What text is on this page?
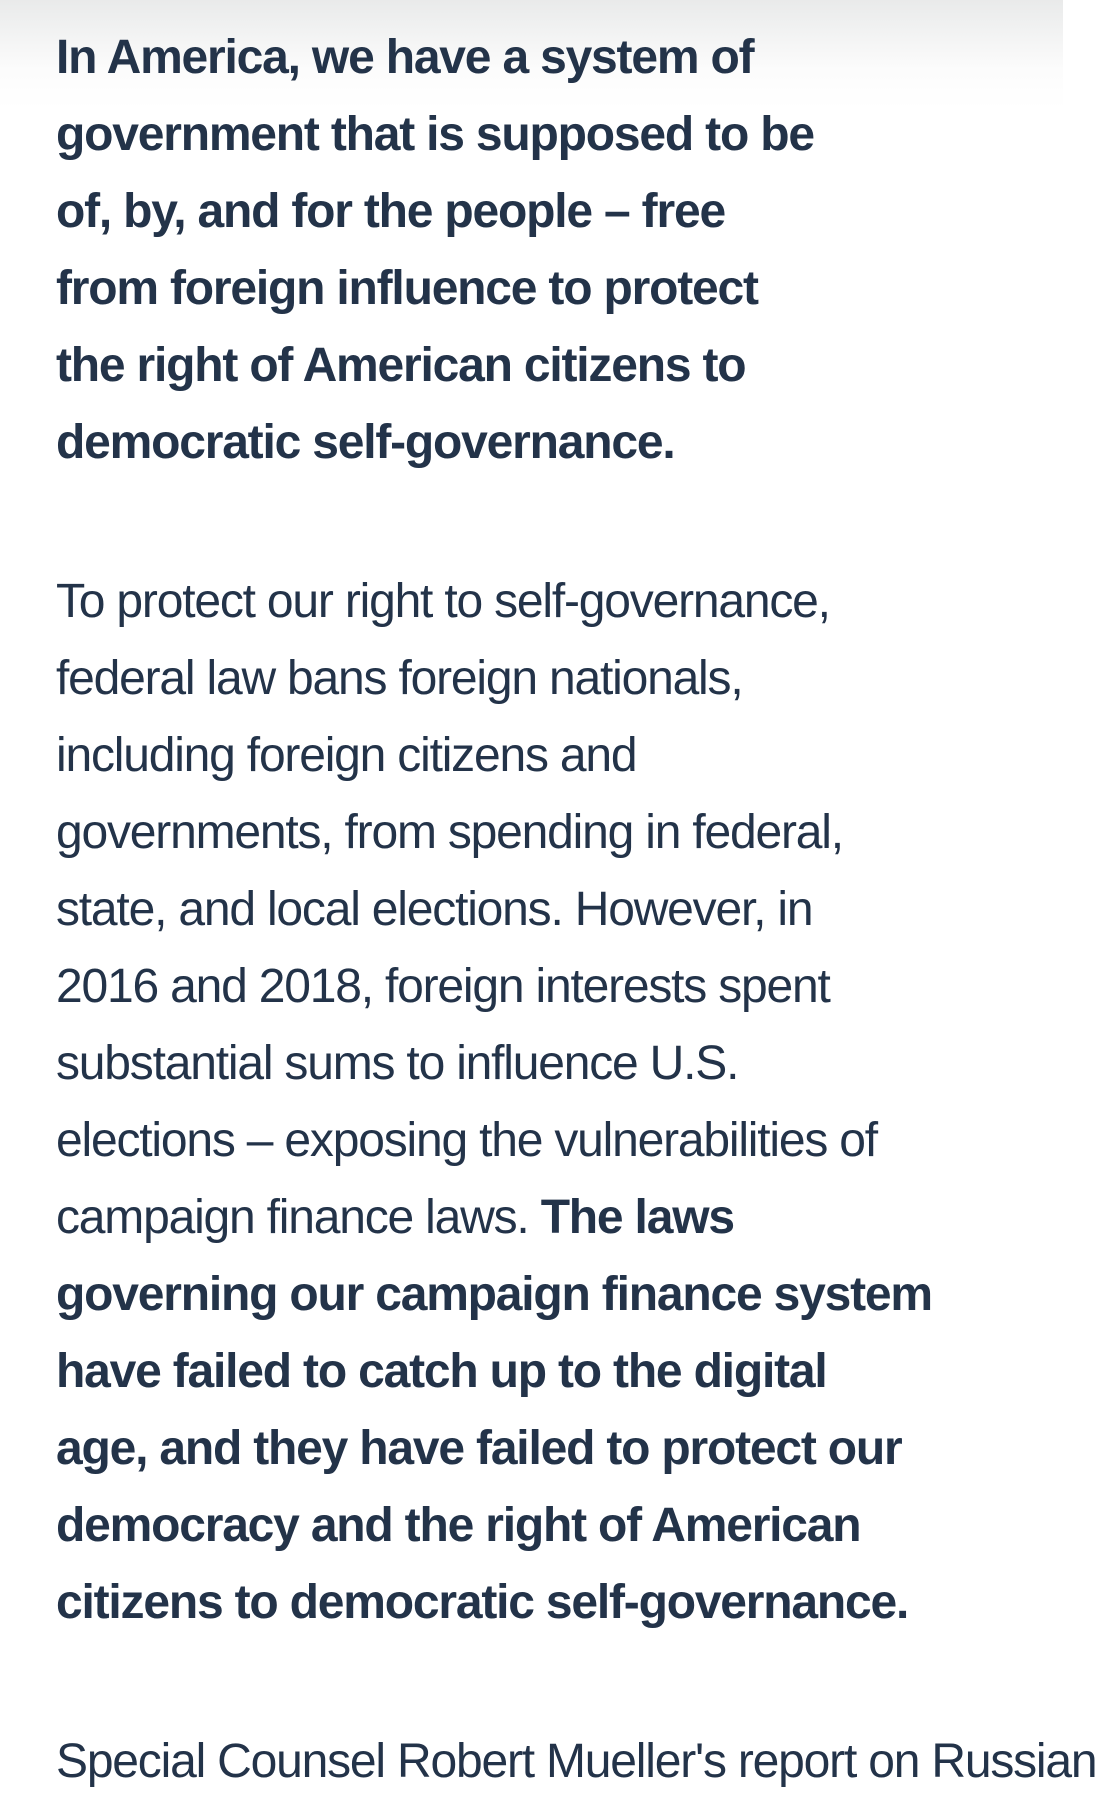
In America, we have a system of
government that is supposed to be
of, by, and for the people – free
from foreign influence to protect
the right of American citizens to
democratic self-governance.
To protect our right to self-governance,
federal law bans foreign nationals,
including foreign citizens and
governments, from spending in federal,
state, and local elections. However, in
2016 and 2018, foreign interests spent
substantial sums to influence U.S.
elections – exposing the vulnerabilities of
campaign finance laws. The laws
governing our campaign finance system
have failed to catch up to the digital
age, and they have failed to protect our
democracy and the right of American
citizens to democratic self-governance.
Special Counsel Robert Mueller's report on Russian
